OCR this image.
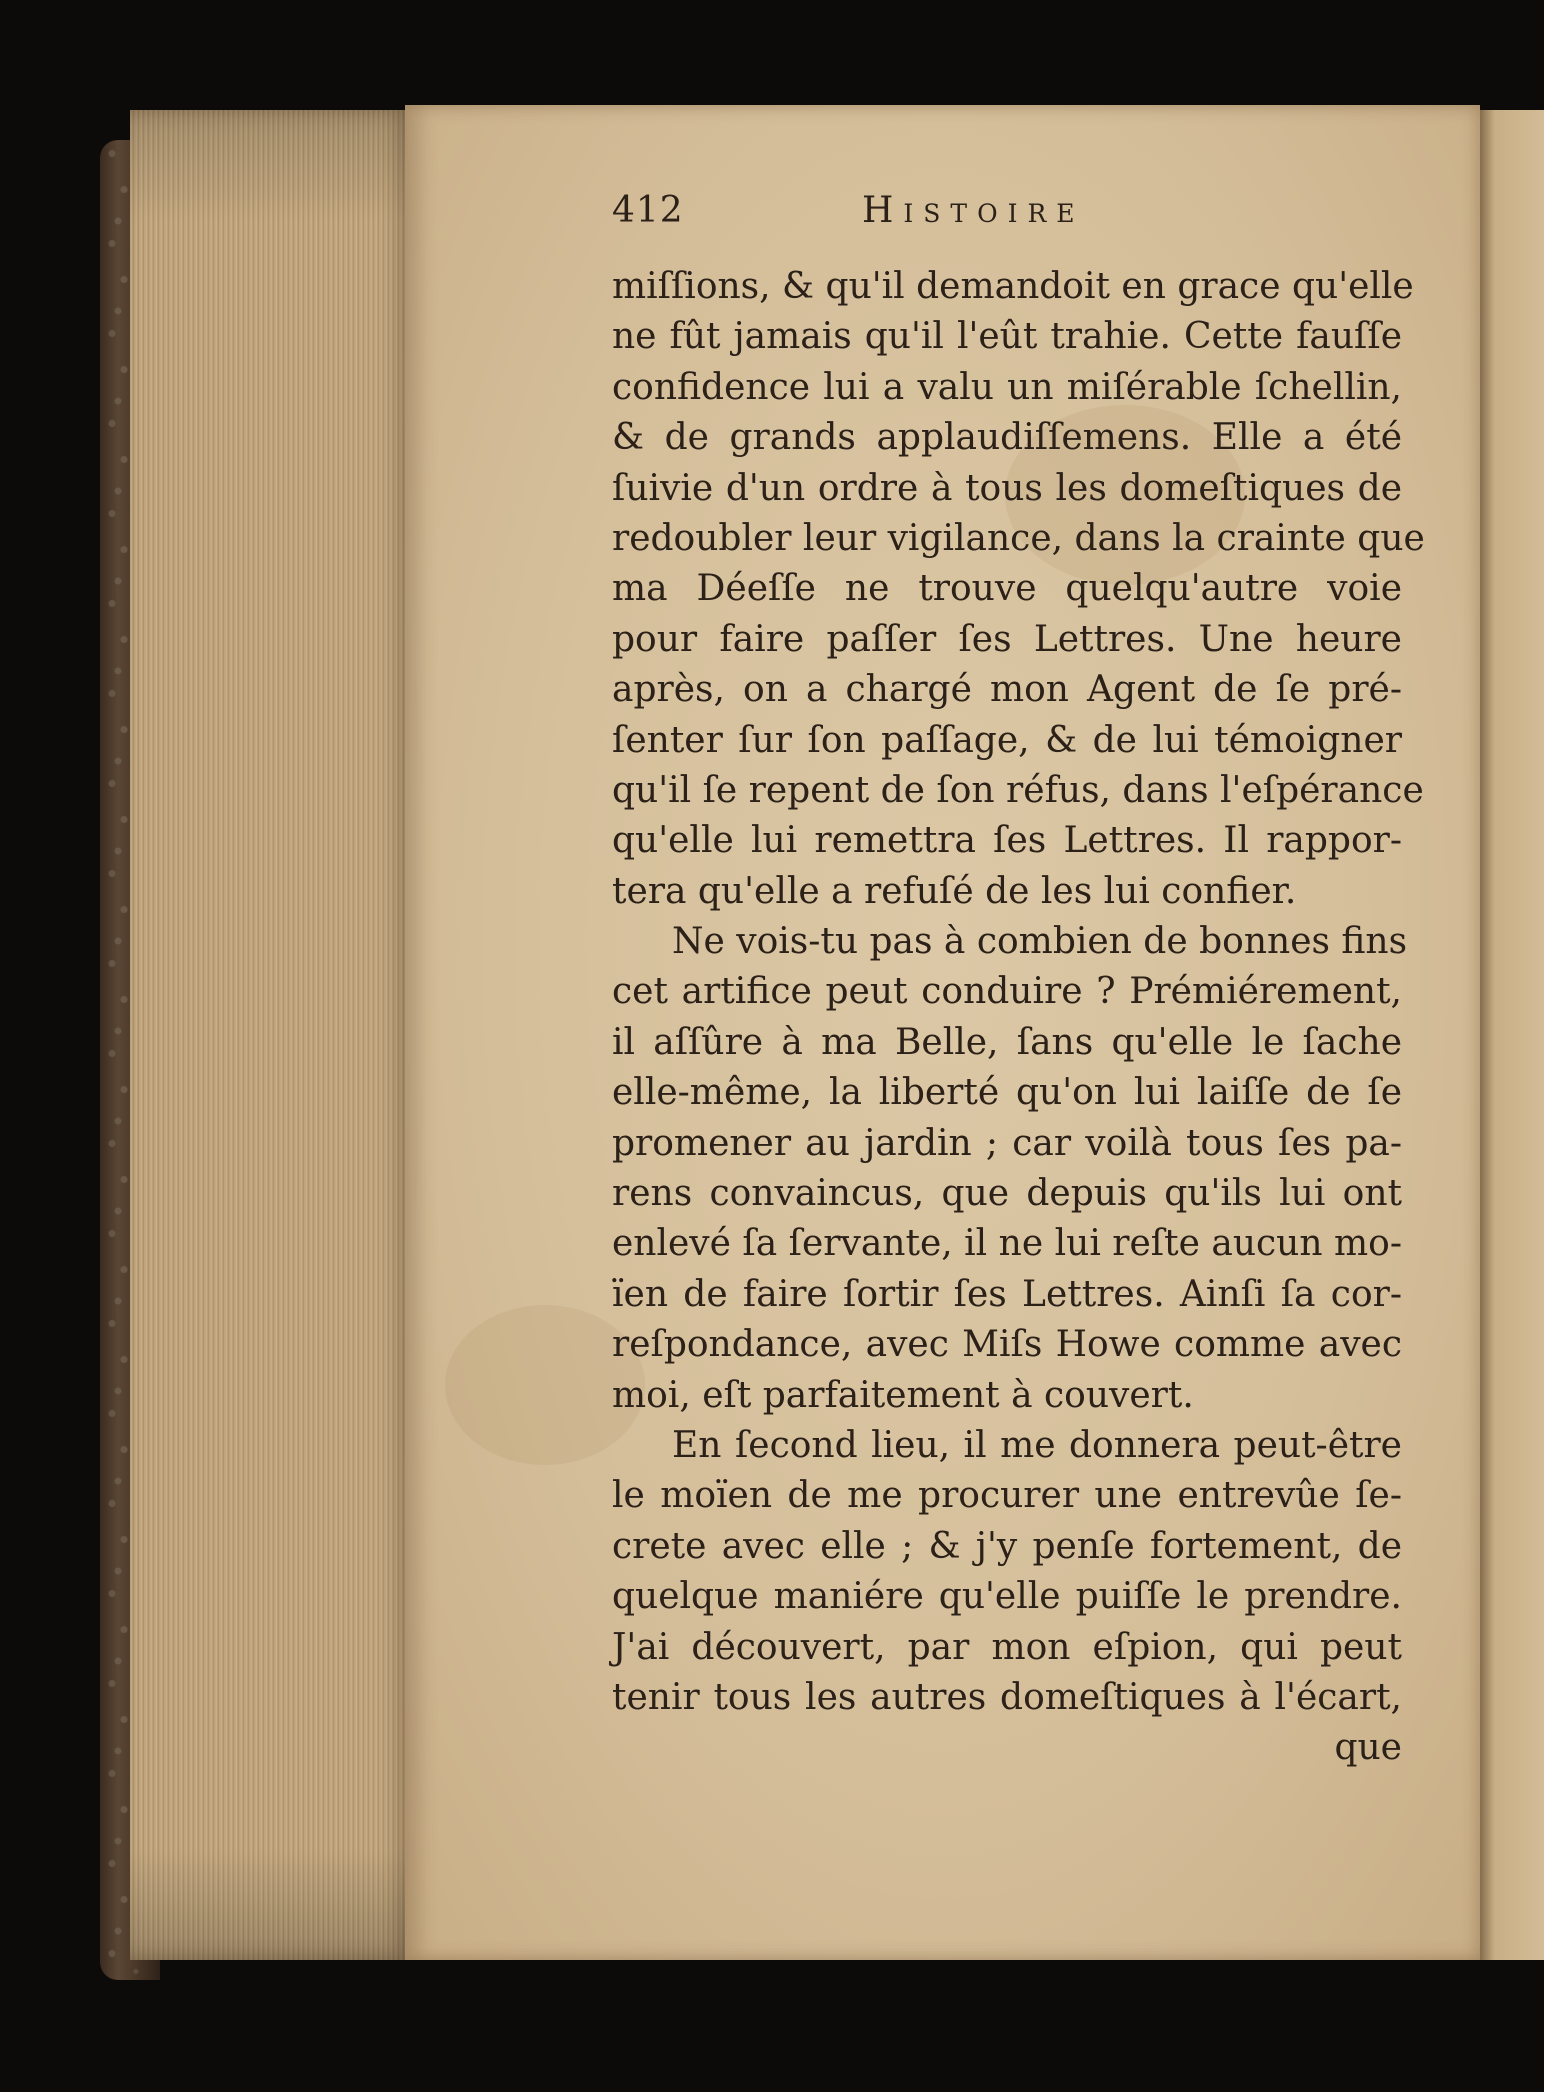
412	Histoire
miſſions, & qu'il demandoit en grace qu'elle
ne fût jamais qu'il l'eût trahie. Cette fauſſe
confidence lui a valu un miſérable ſchellin,
& de grands applaudiſſemens. Elle a été
ſuivie d'un ordre à tous les domeſtiques de
redoubler leur vigilance, dans la crainte que
ma Déeſſe ne trouve quelqu'autre voie
pour faire paſſer ſes Lettres. Une heure
après, on a chargé mon Agent de ſe pré-
ſenter ſur ſon paſſage, & de lui témoigner
qu'il ſe repent de ſon réfus, dans l'eſpérance
qu'elle lui remettra ſes Lettres. Il rappor-
tera qu'elle a refuſé de les lui confier.
Ne vois-tu pas à combien de bonnes fins
cet artifice peut conduire ? Prémiérement,
il aſſûre à ma Belle, ſans qu'elle le ſache
elle-même, la liberté qu'on lui laiſſe de ſe
promener au jardin ; car voilà tous ſes pa-
rens convaincus, que depuis qu'ils lui ont
enlevé ſa ſervante, il ne lui reſte aucun mo-
ïen de faire ſortir ſes Lettres. Ainſi ſa cor-
reſpondance, avec Miſs Howe comme avec
moi, eſt parfaitement à couvert.
En ſecond lieu, il me donnera peut-être
le moïen de me procurer une entrevûe ſe-
crete avec elle ; & j'y penſe fortement, de
quelque maniére qu'elle puiſſe le prendre.
J'ai découvert, par mon eſpion, qui peut
tenir tous les autres domeſtiques à l'écart,
que
